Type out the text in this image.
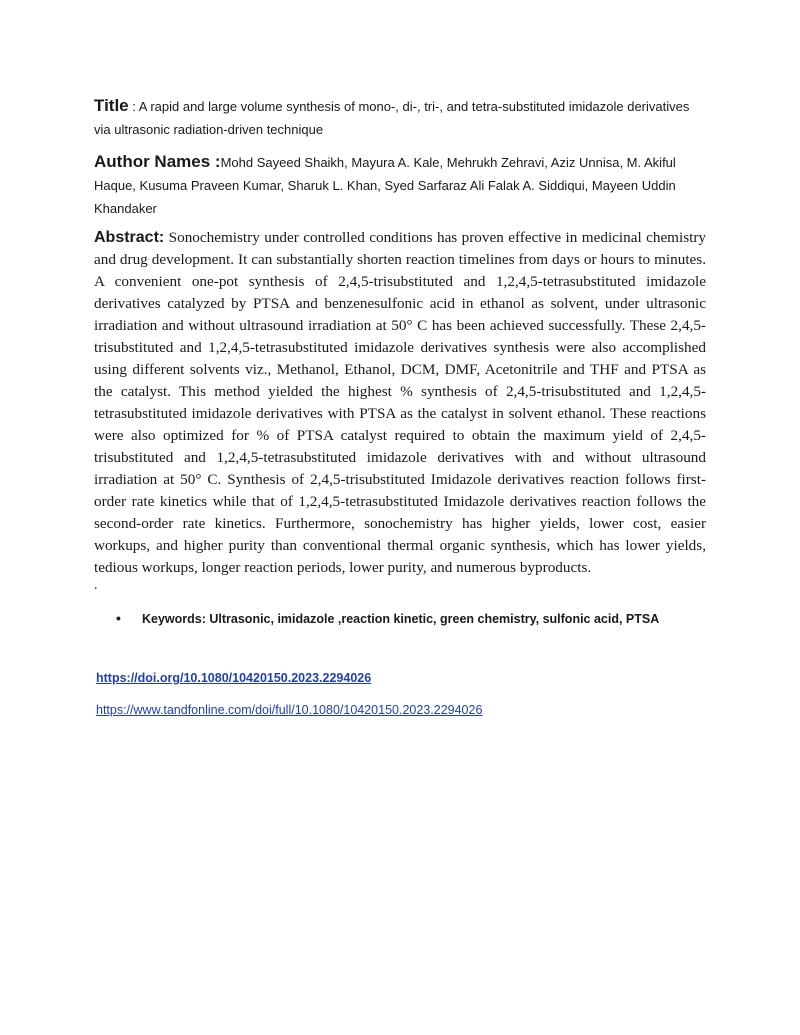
Title : A rapid and large volume synthesis of mono-, di-, tri-, and tetra-substituted imidazole derivatives via ultrasonic radiation-driven technique
Author Names :Mohd Sayeed Shaikh, Mayura A. Kale, Mehrukh Zehravi, Aziz Unnisa, M. Akiful Haque, Kusuma Praveen Kumar, Sharuk L. Khan, Syed Sarfaraz Ali Falak A. Siddiqui, Mayeen Uddin Khandaker
Abstract: Sonochemistry under controlled conditions has proven effective in medicinal chemistry and drug development. It can substantially shorten reaction timelines from days or hours to minutes. A convenient one-pot synthesis of 2,4,5-trisubstituted and 1,2,4,5-tetrasubstituted imidazole derivatives catalyzed by PTSA and benzenesulfonic acid in ethanol as solvent, under ultrasonic irradiation and without ultrasound irradiation at 50° C has been achieved successfully. These 2,4,5-trisubstituted and 1,2,4,5-tetrasubstituted imidazole derivatives synthesis were also accomplished using different solvents viz., Methanol, Ethanol, DCM, DMF, Acetonitrile and THF and PTSA as the catalyst. This method yielded the highest % synthesis of 2,4,5-trisubstituted and 1,2,4,5-tetrasubstituted imidazole derivatives with PTSA as the catalyst in solvent ethanol. These reactions were also optimized for % of PTSA catalyst required to obtain the maximum yield of 2,4,5-trisubstituted and 1,2,4,5-tetrasubstituted imidazole derivatives with and without ultrasound irradiation at 50° C. Synthesis of 2,4,5-trisubstituted Imidazole derivatives reaction follows first-order rate kinetics while that of 1,2,4,5-tetrasubstituted Imidazole derivatives reaction follows the second-order rate kinetics. Furthermore, sonochemistry has higher yields, lower cost, easier workups, and higher purity than conventional thermal organic synthesis, which has lower yields, tedious workups, longer reaction periods, lower purity, and numerous byproducts.
.
• Keywords: Ultrasonic, imidazole ,reaction kinetic, green chemistry, sulfonic acid, PTSA
https://doi.org/10.1080/10420150.2023.2294026
https://www.tandfonline.com/doi/full/10.1080/10420150.2023.2294026
